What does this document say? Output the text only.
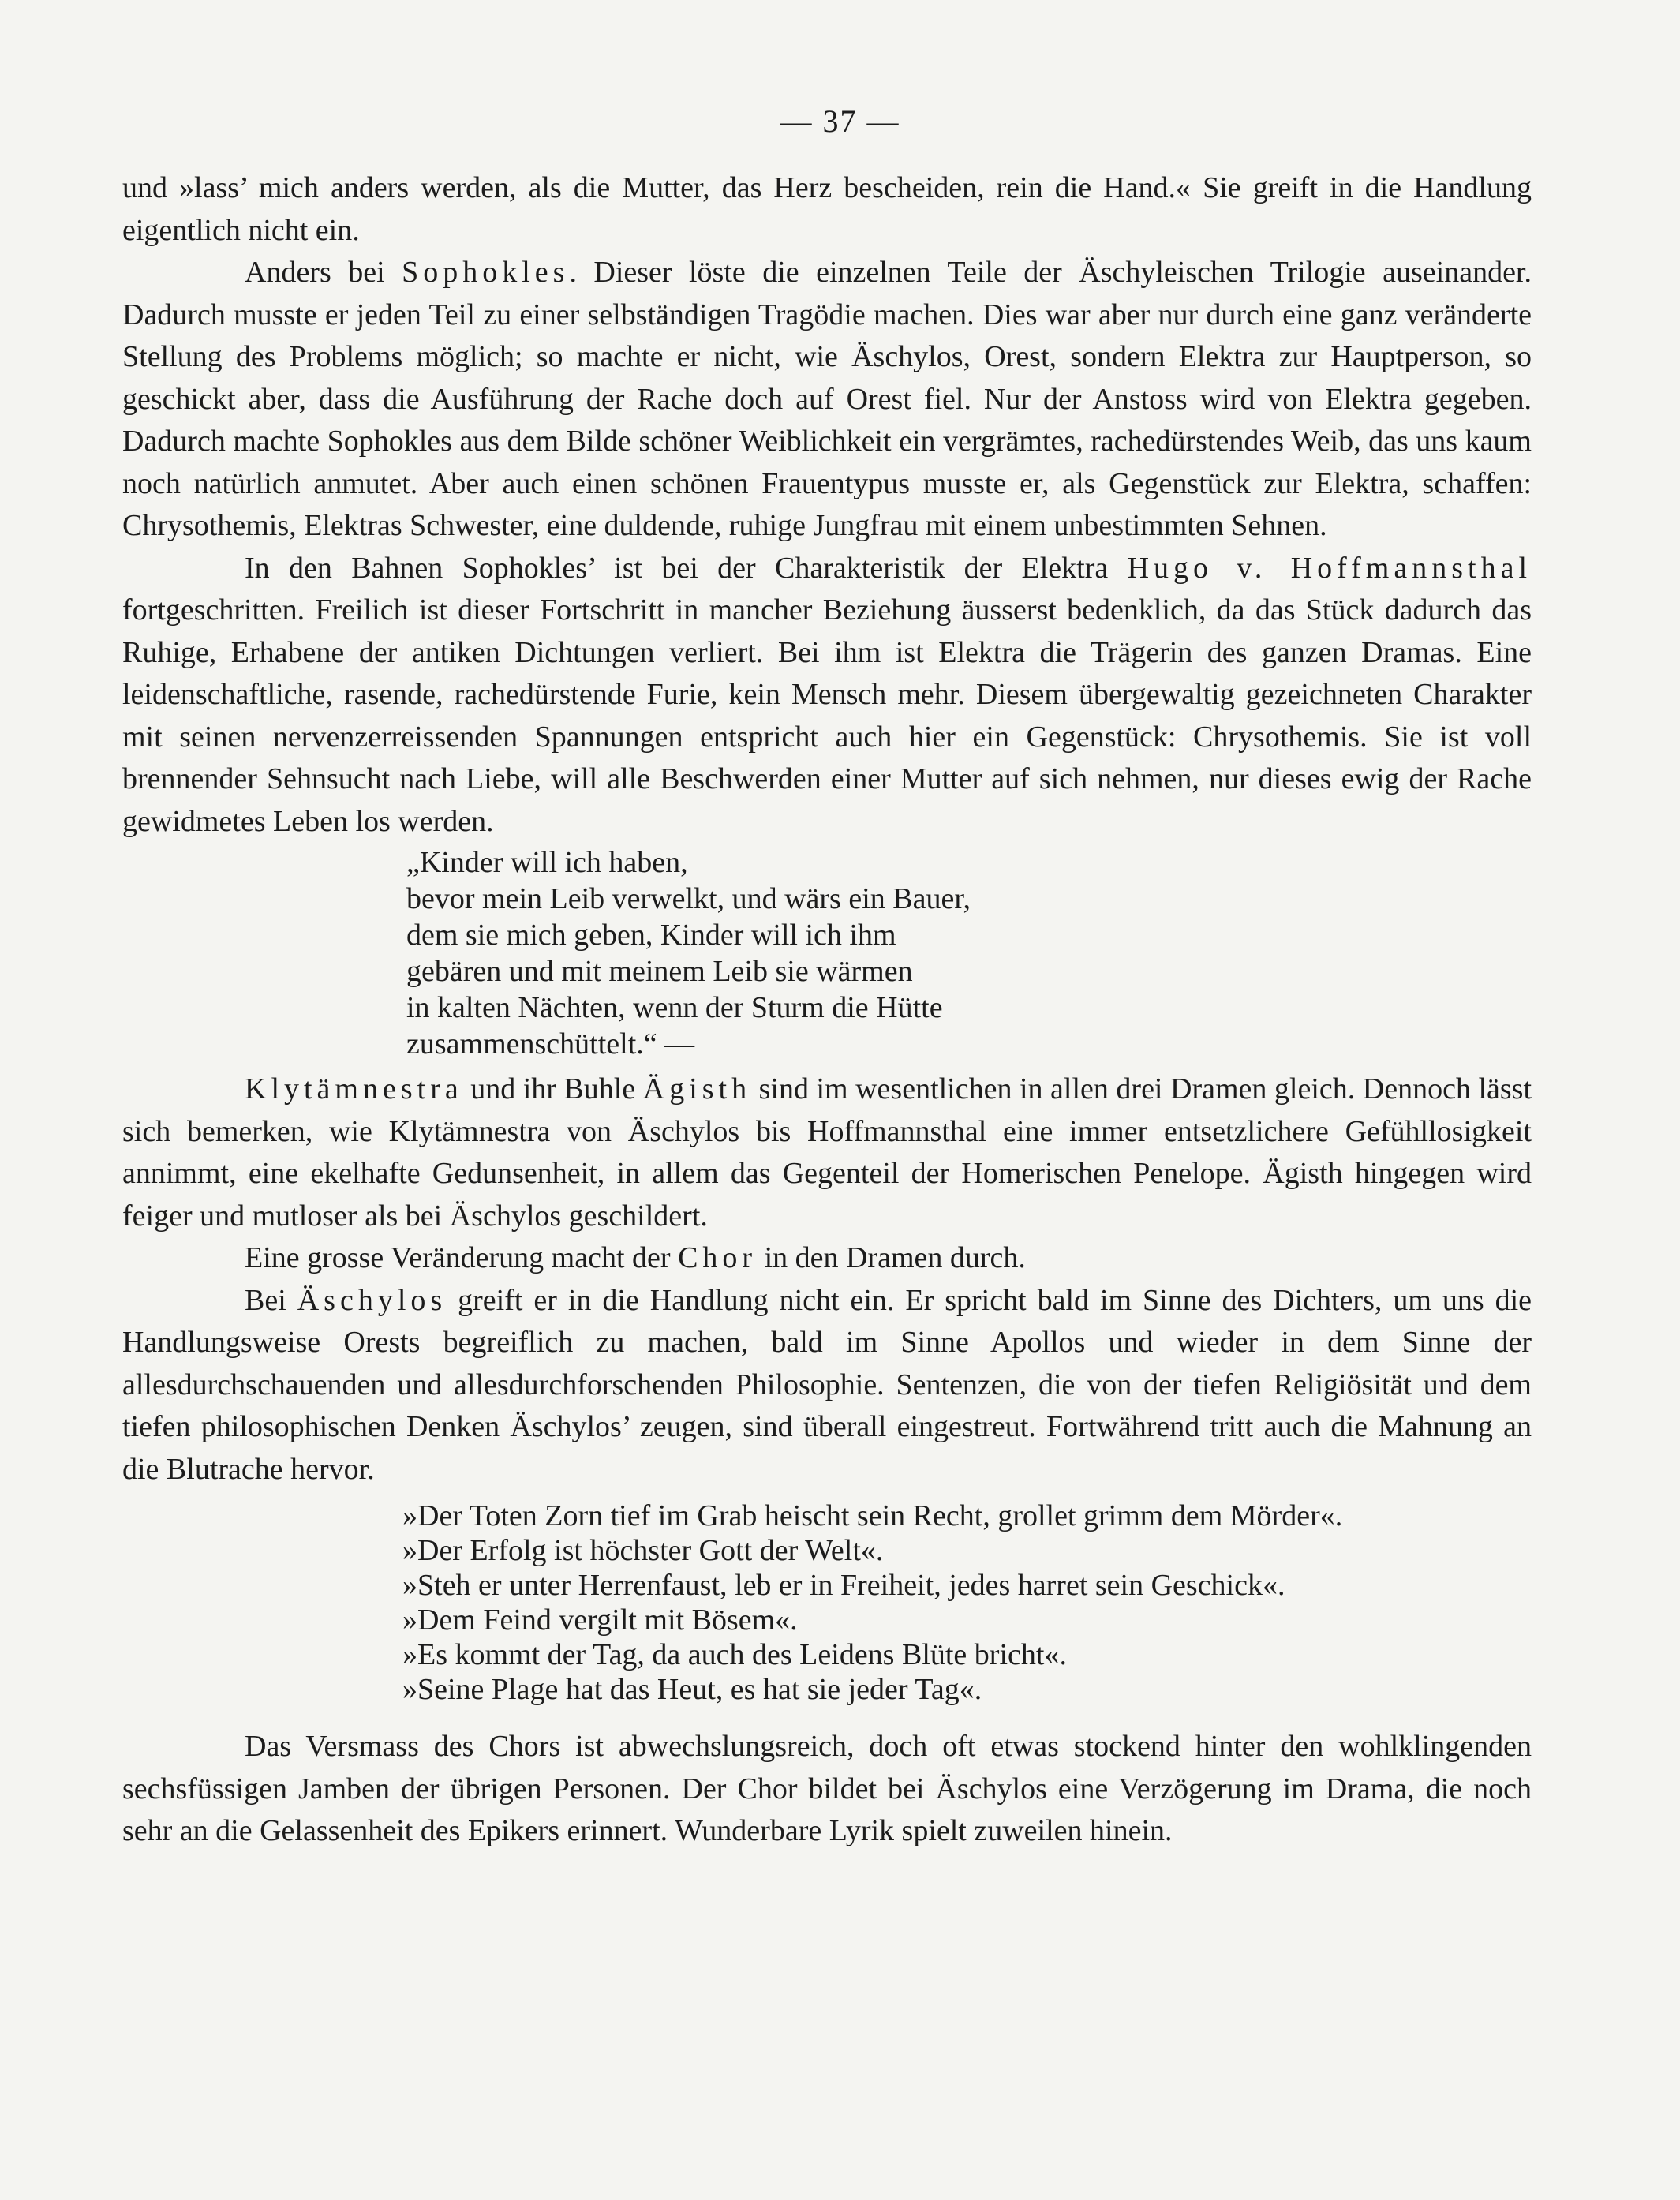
— 37 —

und »lass’ mich anders werden, als die Mutter, das Herz bescheiden, rein die Hand.« Sie greift in die Handlung eigentlich nicht ein.

Anders bei Sophokles. Dieser löste die einzelnen Teile der Äschyleischen Trilogie auseinander. Dadurch musste er jeden Teil zu einer selbständigen Tragödie machen. Dies war aber nur durch eine ganz veränderte Stellung des Problems möglich; so machte er nicht, wie Äschylos, Orest, sondern Elektra zur Hauptperson, so geschickt aber, dass die Ausführung der Rache doch auf Orest fiel. Nur der Anstoss wird von Elektra gegeben. Dadurch machte Sophokles aus dem Bilde schöner Weiblichkeit ein vergrämtes, rachedürstendes Weib, das uns kaum noch natürlich anmutet. Aber auch einen schönen Frauentypus musste er, als Gegenstück zur Elektra, schaffen: Chrysothemis, Elektras Schwester, eine duldende, ruhige Jungfrau mit einem unbestimmten Sehnen.

In den Bahnen Sophokles’ ist bei der Charakteristik der Elektra Hugo v. Hoffmannsthal fortgeschritten. Freilich ist dieser Fortschritt in mancher Beziehung äusserst bedenklich, da das Stück dadurch das Ruhige, Erhabene der antiken Dichtungen verliert. Bei ihm ist Elektra die Trägerin des ganzen Dramas. Eine leidenschaftliche, rasende, rachedürstende Furie, kein Mensch mehr. Diesem übergewaltig gezeichneten Charakter mit seinen nervenzerreissenden Spannungen entspricht auch hier ein Gegenstück: Chrysothemis. Sie ist voll brennender Sehnsucht nach Liebe, will alle Beschwerden einer Mutter auf sich nehmen, nur dieses ewig der Rache gewidmetes Leben los werden.

„Kinder will ich haben,
bevor mein Leib verwelkt, und wärs ein Bauer,
dem sie mich geben, Kinder will ich ihm
gebären und mit meinem Leib sie wärmen
in kalten Nächten, wenn der Sturm die Hütte
zusammenschüttelt.“ —

Klytämnestra und ihr Buhle Ägisth sind im wesentlichen in allen drei Dramen gleich. Dennoch lässt sich bemerken, wie Klytämnestra von Äschylos bis Hoffmannsthal eine immer entsetzlichere Gefühllosigkeit annimmt, eine ekelhafte Gedunsenheit, in allem das Gegenteil der Homerischen Penelope. Ägisth hingegen wird feiger und mutloser als bei Äschylos geschildert.

Eine grosse Veränderung macht der Chor in den Dramen durch.

Bei Äschylos greift er in die Handlung nicht ein. Er spricht bald im Sinne des Dichters, um uns die Handlungsweise Orests begreiflich zu machen, bald im Sinne Apollos und wieder in dem Sinne der allesdurchschauenden und allesdurchforschenden Philosophie. Sentenzen, die von der tiefen Religiösität und dem tiefen philosophischen Denken Äschylos’ zeugen, sind überall eingestreut. Fortwährend tritt auch die Mahnung an die Blutrache hervor.

»Der Toten Zorn tief im Grab heischt sein Recht, grollet grimm dem Mörder«.
»Der Erfolg ist höchster Gott der Welt«.
»Steh er unter Herrenfaust, leb er in Freiheit, jedes harret sein Geschick«.
»Dem Feind vergilt mit Bösem«.
»Es kommt der Tag, da auch des Leidens Blüte bricht«.
»Seine Plage hat das Heut, es hat sie jeder Tag«.

Das Versmass des Chors ist abwechslungsreich, doch oft etwas stockend hinter den wohlklingenden sechsfüssigen Jamben der übrigen Personen. Der Chor bildet bei Äschylos eine Verzögerung im Drama, die noch sehr an die Gelassenheit des Epikers erinnert. Wunderbare Lyrik spielt zuweilen hinein.
